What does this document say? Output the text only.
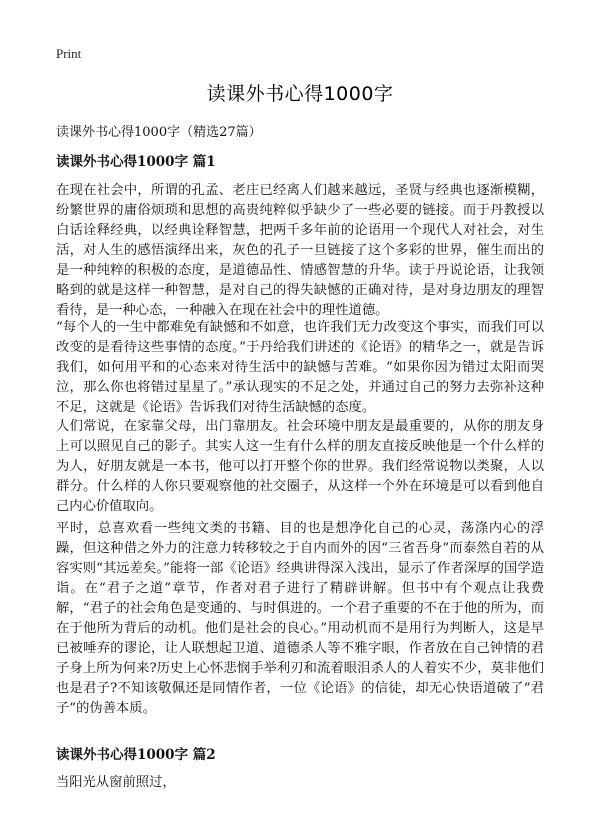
Print
读课外书心得1000字

读课外书心得1000字（精选27篇）

读课外书心得1000字 篇1

在现在社会中，所谓的孔孟、老庄已经离人们越来越远，圣贤与经典也逐渐模糊，纷繁世界的庸俗烦琐和思想的高贵纯粹似乎缺少了一些必要的链接。而于丹教授以白话诠释经典，以经典诠释智慧，把两千多年前的论语用一个现代人对社会，对生活，对人生的感悟演绎出来，灰色的孔子一旦链接了这个多彩的世界，催生而出的是一种纯粹的积极的态度，是道德品性、情感智慧的升华。读于丹说论语，让我领略到的就是这样一种智慧，是对自己的得失缺憾的正确对待，是对身边朋友的理智看待，是一种心态，一种融入在现在社会中的理性道德。

“每个人的一生中都难免有缺憾和不如意，也许我们无力改变这个事实，而我们可以改变的是看待这些事情的态度。”于丹给我们讲述的《论语》的精华之一，就是告诉我们，如何用平和的心态来对待生活中的缺憾与苦难。“如果你因为错过太阳而哭泣，那么你也将错过星星了。”承认现实的不足之处，并通过自己的努力去弥补这种不足，这就是《论语》告诉我们对待生活缺憾的态度。

人们常说，在家靠父母，出门靠朋友。社会环境中朋友是最重要的，从你的朋友身上可以照见自己的影子。其实人这一生有什么样的朋友直接反映他是一个什么样的为人，好朋友就是一本书，他可以打开整个你的世界。我们经常说物以类聚，人以群分。什么样的人你只要观察他的社交圈子，从这样一个外在环境是可以看到他自己内心价值取向。

平时，总喜欢看一些纯文类的书籍、目的也是想净化自己的心灵，荡涤内心的浮躁，但这种借之外力的注意力转移较之于自内而外的因“三省吾身”而泰然自若的从容实则“其远差矣。”能将一部《论语》经典讲得深入浅出，显示了作者深厚的国学造诣。在“君子之道”章节，作者对君子进行了精辟讲解。但书中有个观点让我费解，“君子的社会角色是变通的、与时俱进的。一个君子重要的不在于他的所为，而在于他所为背后的动机。他们是社会的良心。”用动机而不是用行为判断人，这是早已被唾弃的谬论，让人联想起卫道、道德杀人等不雅字眼，作者放在自己钟情的君子身上所为何来?历史上心怀悲悯手举利刃和流着眼泪杀人的人着实不少，莫非他们也是君子?不知该敬佩还是同情作者，一位《论语》的信徒，却无心快语道破了“君子”的伪善本质。

读课外书心得1000字 篇2

当阳光从窗前照过，
